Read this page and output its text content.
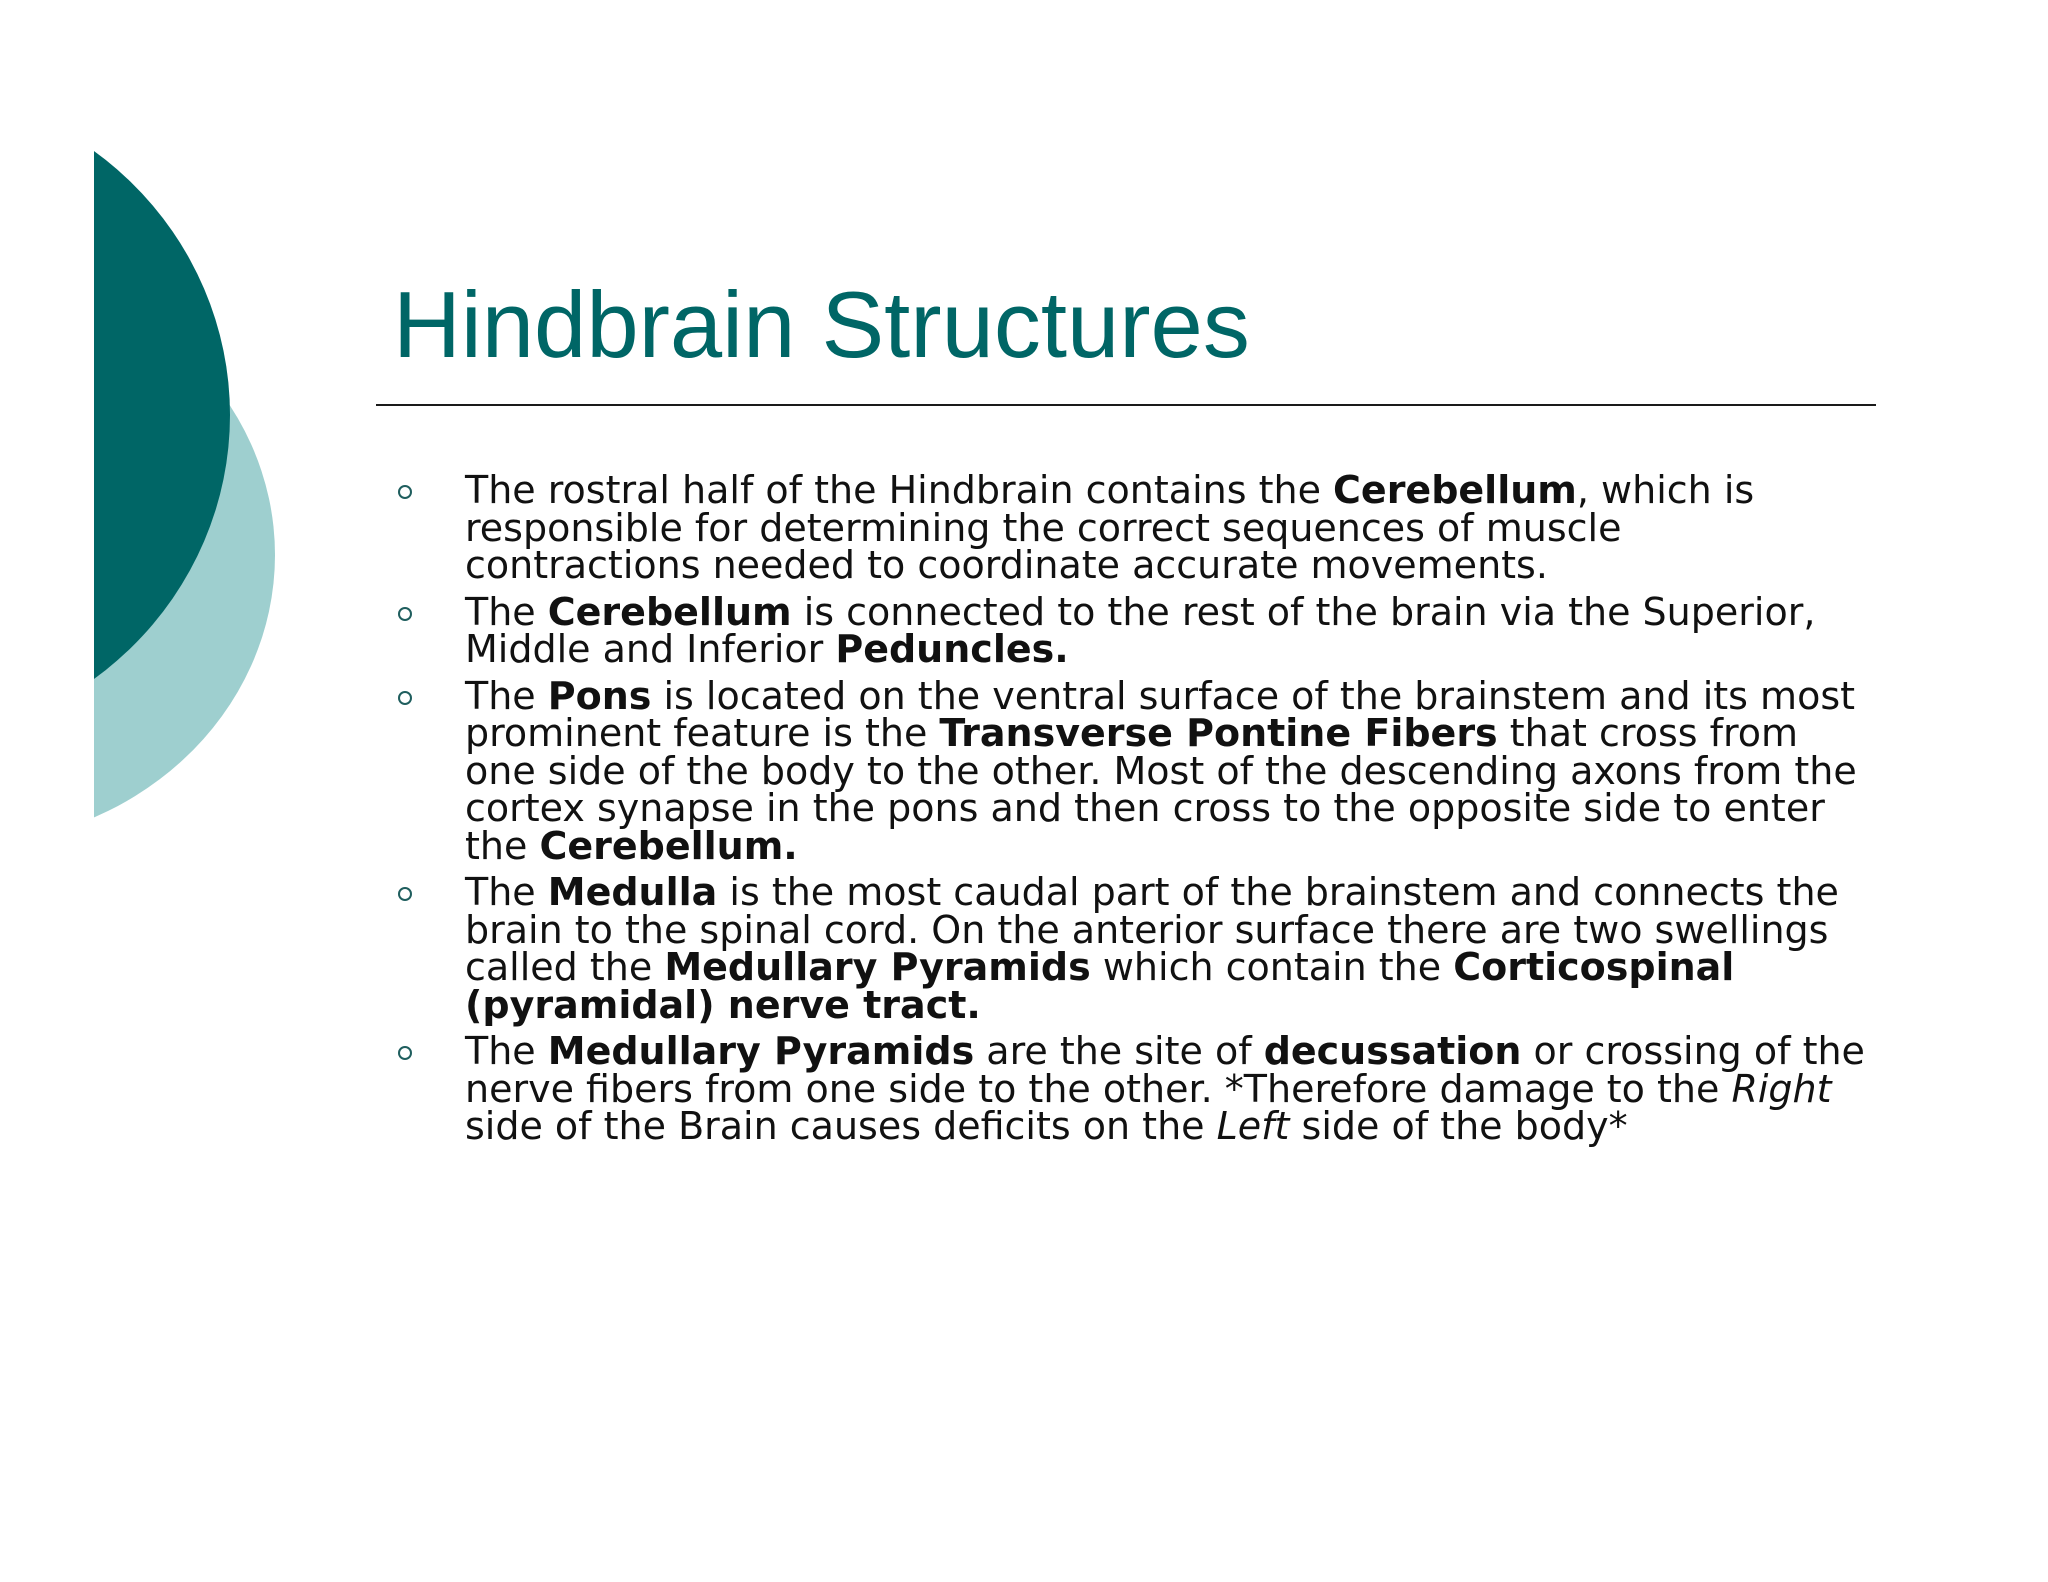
Hindbrain Structures
The rostral half of the Hindbrain contains the Cerebellum, which is responsible for determining the correct sequences of muscle contractions needed to coordinate accurate movements.
The Cerebellum is connected to the rest of the brain via the Superior, Middle and Inferior Peduncles.
The Pons is located on the ventral surface of the brainstem and its most prominent feature is the Transverse Pontine Fibers that cross from one side of the body to the other. Most of the descending axons from the cortex synapse in the pons and then cross to the opposite side to enter the Cerebellum.
The Medulla is the most caudal part of the brainstem and connects the brain to the spinal cord. On the anterior surface there are two swellings called the Medullary Pyramids which contain the Corticospinal (pyramidal) nerve tract.
The Medullary Pyramids are the site of decussation or crossing of the nerve fibers from one side to the other. *Therefore damage to the Right side of the Brain causes deficits on the Left side of the body*
